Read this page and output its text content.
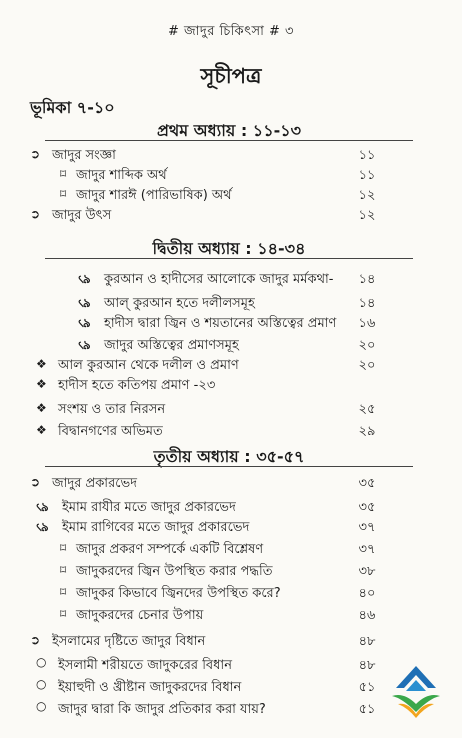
# জাদুর চিকিৎসা # ৩
সূচীপত্র
ভূমিকা ৭-১০
প্রথম অধ্যায় : ১১-১৩
দ্বিতীয় অধ্যায় : ১৪-৩৪
তৃতীয় অধ্যায় : ৩৫-৫৭
➲ জাদুর সংজ্ঞা	১১
⌑ জাদুর শাব্দিক অর্থ	১১
⌑ জাদুর শারঈ (পারিভাষিক) অর্থ	১২
➲ জাদুর উৎস	১২
৻৯ কুরআন ও হাদীসের আলোকে জাদুর মর্মকথা-	১৪
৻৯ আল্ কুরআন হতে দলীলসমূহ	১৪
৻৯ হাদীস দ্বারা জ্বিন ও শয়তানের অস্তিত্বের প্রমাণ	১৬
৻৯ জাদুর অস্তিত্বের প্রমাণসমূহ	২০
❖ আল কুরআন থেকে দলীল ও প্রমাণ	২০
❖ হাদীস হতে কতিপয় প্রমাণ -২৩
❖ সংশয় ও তার নিরসন	২৫
❖ বিদ্বানগণের অভিমত	২৯
➲ জাদুর প্রকারভেদ	৩৫
৻৯ ইমাম রাযীর মতে জাদুর প্রকারভেদ	৩৫
৻৯ ইমাম রাগিবের মতে জাদুর প্রকারভেদ	৩৭
⌑ জাদুর প্রকরণ সম্পর্কে একটি বিশ্লেষণ	৩৭
⌑ জাদুকরদের জ্বিন উপস্থিত করার পদ্ধতি	৩৮
⌑ জাদুকর কিভাবে জ্বিনদের উপস্থিত করে?	৪০
⌑ জাদুকরদের চেনার উপায়	৪৬
➲ ইসলামের দৃষ্টিতে জাদুর বিধান	৪৮
○ ইসলামী শরীয়তে জাদুকরের বিধান	৪৮
○ ইয়াহুদী ও খ্রীষ্টান জাদুকরদের বিধান	৫১
○ জাদুর দ্বারা কি জাদুর প্রতিকার করা যায়?	৫১
